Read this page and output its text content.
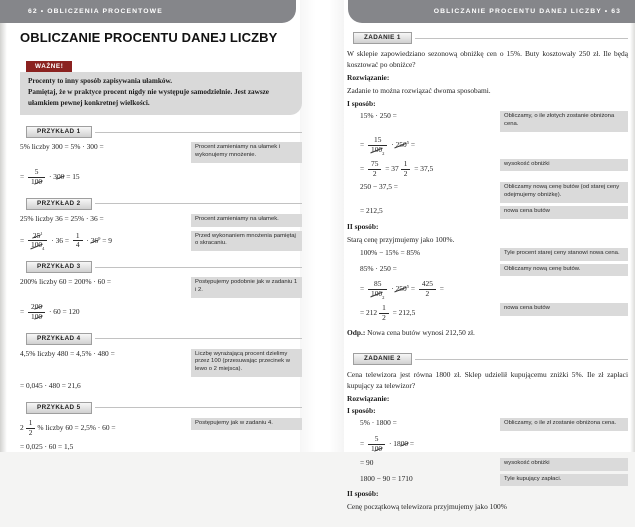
62 • OBLICZENIA PROCENTOWE	OBLICZANIE PROCENTU DANEJ LICZBY • 63
OBLICZANIE PROCENTU DANEJ LICZBY
WAŻNE!
Procenty to inny sposób zapisywania ułamków.
Pamiętaj, że w praktyce procent nigdy nie występuje samodzielnie. Jest zawsze ułamkiem pewnej konkretnej wielkości.
PRZYKŁAD 1
5% liczby 300 = 5% · 300 =	Procent zamieniamy na ułamek i wykonujemy mnożenie.
= $\frac{5}{100} \cdot 300 = 15$
PRZYKŁAD 2
25% liczby 36 = 25% · 36 =	Procent zamieniamy na ułamek.
= $\frac{25^1}{100_4} \cdot 36 = \frac{1}{4} \cdot 36^9 = 9$
Przed wykonaniem mnożenia pamiętaj o skracaniu.
PRZYKŁAD 3
200% liczby 60 = 200% · 60 =	Postępujemy podobnie jak w zadaniu 1 i 2.
= $\frac{200}{100} \cdot 60 = 120$
PRZYKŁAD 4
4,5% liczby 480 = 4,5% · 480 =	Liczbę wyrażającą procent dzielimy przez 100 (przesuwając przecinek w lewo o 2 miejsca).
= 0,045 · 480 = 21,6
PRZYKŁAD 5
$2 \frac{1}{2}$ % liczby 60 = 2,5% · 60 =
Postępujemy jak w zadaniu 4.
= 0,025 · 60 = 1,5
ZADANIE 1
W sklepie zapowiedziano sezonową obniżkę cen o 15%. Buty kosztowały 250 zł. Ile będą kosztować po obniżce?
Rozwiązanie:
Zadanie to można rozwiązać dwoma sposobami.
I sposób:
15% · 250 =	Obliczamy, o ile złotych zostanie obniżona cena.
= $\frac{15}{100_2} \cdot 250^5$ =
= $\frac{75}{2} = 37 \frac{1}{2} = 37,5$
wysokość obniżki
250 − 37,5 =	Obliczamy nową cenę butów (od starej ceny odejmujemy obniżkę).
= 212,5	nowa cena butów
II sposób:
Starą cenę przyjmujemy jako 100%.
100% − 15% = 85%	Tyle procent starej ceny stanowi nowa cena.
85% · 250 =	Obliczamy nową cenę butów.
= $\frac{85}{100_2} \cdot 250^5 = \frac{425}{2}$ =
= $212 \frac{1}{2} = 212,5$
nowa cena butów
Odp.: Nowa cena butów wynosi 212,50 zł.
ZADANIE 2
Cena telewizora jest równa 1800 zł. Sklep udzielił kupującemu zniżki 5%. Ile zł zapłaci kupujący za telewizor?
Rozwiązanie:
I sposób:
5% · 1800 =	Obliczamy, o ile zł zostanie obniżona cena.
= $\frac{5}{100} \cdot 1800$ =
= 90	wysokość obniżki
1800 − 90 = 1710	Tyle kupujący zapłaci.
II sposób:
Cenę początkową telewizora przyjmujemy jako 100%
